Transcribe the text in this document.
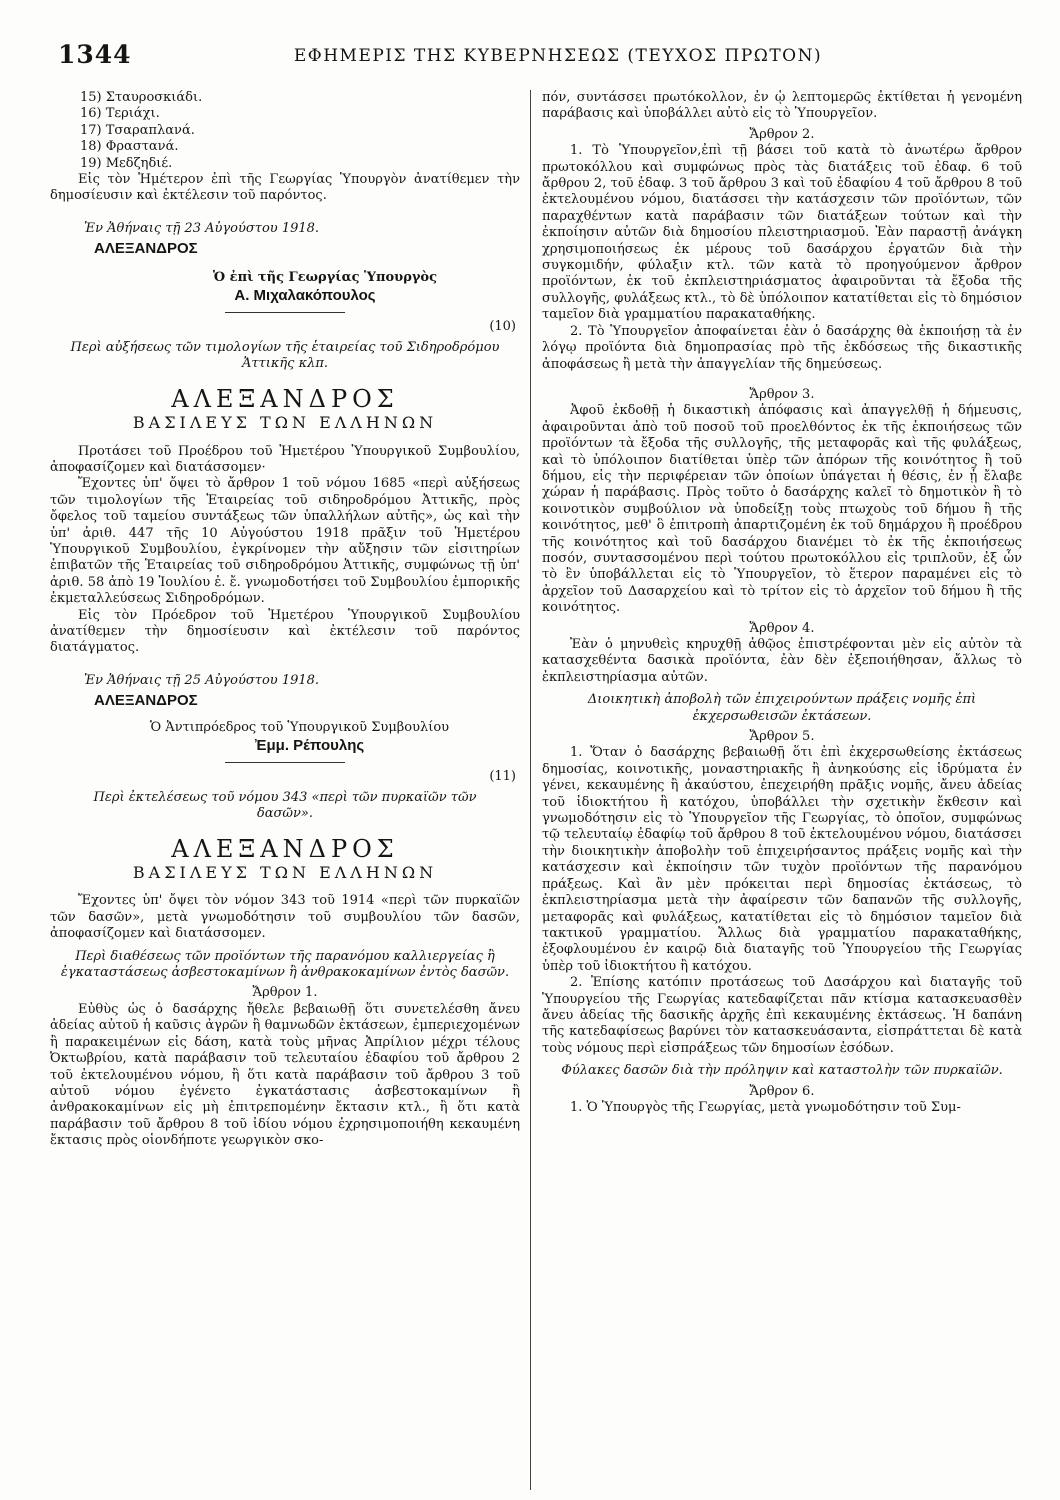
1344	ΕΦΗΜΕΡΙΣ ΤΗΣ ΚΥΒΕΡΝΗΣΕΩΣ (ΤΕΥΧΟΣ ΠΡΩΤΟΝ)

15) Σταυροσκιάδι.

16) Τεριάχι.

17) Τσαραπλανά.

18) Φραστανά.

19) Μεδζηδιέ.

Εἰς τὸν Ἡμέτερον ἐπὶ τῆς Γεωργίας Ὑπουργὸν ἀνατίθεμεν τὴν δημοσίευσιν καὶ ἐκτέλεσιν τοῦ παρόντος.

Ἐν Ἀθήναις τῇ 23 Αὐγούστου 1918.

ΑΛΕΞΑΝΔΡΟΣ

Ὁ ἐπὶ τῆς Γεωργίας Ὑπουργὸς

Α. Μιχαλακόπουλος

(10)

Περὶ αὐξήσεως τῶν τιμολογίων τῆς ἑταιρείας τοῦ Σιδηροδρόμου Ἀττικῆς κλπ.

ΑΛΕΞΑΝΔΡΟΣ

ΒΑΣΙΛΕΥΣ ΤΩΝ ΕΛΛΗΝΩΝ

Προτάσει τοῦ Προέδρου τοῦ Ἡμετέρου Ὑπουργικοῦ Συμβουλίου, ἀποφασίζομεν καὶ διατάσσομεν·

Ἔχοντες ὑπ' ὄψει τὸ ἄρθρον 1 τοῦ νόμου 1685 «περὶ αὐξήσεως τῶν τιμολογίων τῆς Ἑταιρείας τοῦ σιδηροδρόμου Ἀττικῆς, πρὸς ὄφελος τοῦ ταμείου συντάξεως τῶν ὑπαλλήλων αὐτῆς», ὡς καὶ τὴν ὑπ' ἀριθ. 447 τῆς 10 Αὐγούστου 1918 πρᾶξιν τοῦ Ἡμετέρου Ὑπουργικοῦ Συμβουλίου, ἐγκρίνομεν τὴν αὔξησιν τῶν εἰσιτηρίων ἐπιβατῶν τῆς Ἑταιρείας τοῦ σιδηροδρόμου Ἀττικῆς, συμφώνως τῇ ὑπ' ἀριθ. 58 ἀπὸ 19 Ἰουλίου ἐ. ἔ. γνωμοδοτήσει τοῦ Συμβουλίου ἐμπορικῆς ἐκμεταλλεύσεως Σιδηροδρόμων.

Εἰς τὸν Πρόεδρον τοῦ Ἡμετέρου Ὑπουργικοῦ Συμβουλίου ἀνατίθεμεν τὴν δημοσίευσιν καὶ ἐκτέλεσιν τοῦ παρόντος διατάγματος.

Ἐν Ἀθήναις τῇ 25 Αὐγούστου 1918.

ΑΛΕΞΑΝΔΡΟΣ

Ὁ Ἀντιπρόεδρος τοῦ Ὑπουργικοῦ Συμβουλίου

Ἐμμ. Ρέπουλης

(11)

Περὶ ἐκτελέσεως τοῦ νόμου 343 «περὶ τῶν πυρκαϊῶν τῶν δασῶν».

ΑΛΕΞΑΝΔΡΟΣ

ΒΑΣΙΛΕΥΣ ΤΩΝ ΕΛΛΗΝΩΝ

Ἔχοντες ὑπ' ὄψει τὸν νόμον 343 τοῦ 1914 «περὶ τῶν πυρκαϊῶν τῶν δασῶν», μετὰ γνωμοδότησιν τοῦ συμβουλίου τῶν δασῶν, ἀποφασίζομεν καὶ διατάσσομεν.

Περὶ διαθέσεως τῶν προϊόντων τῆς παρανόμου καλλιεργείας ἢ ἐγκαταστάσεως ἀσβεστοκαμίνων ἢ ἀνθρακοκαμίνων ἐντὸς δασῶν.

Ἄρθρον 1.

Εὐθὺς ὡς ὁ δασάρχης ἤθελε βεβαιωθῇ ὅτι συνετελέσθη ἄνευ ἀδείας αὐτοῦ ἡ καῦσις ἀγρῶν ἢ θαμνωδῶν ἐκτάσεων, ἐμπεριεχομένων ἢ παρακειμένων εἰς δάση, κατὰ τοὺς μῆνας Ἀπρίλιον μέχρι τέλους Ὀκτωβρίου, κατὰ παράβασιν τοῦ τελευταίου ἐδαφίου τοῦ ἄρθρου 2 τοῦ ἐκτελουμένου νόμου, ἢ ὅτι κατὰ παράβασιν τοῦ ἄρθρου 3 τοῦ αὐτοῦ νόμου ἐγένετο ἐγκατάστασις ἀσβεστοκαμίνων ἢ ἀνθρακοκαμίνων εἰς μὴ ἐπιτρεπομένην ἔκτασιν κτλ., ἢ ὅτι κατὰ παράβασιν τοῦ ἄρθρου 8 τοῦ ἰδίου νόμου ἐχρησιμοποιήθη κεκαυμένη ἔκτασις πρὸς οἱονδήποτε γεωργικὸν σκο-

πόν, συντάσσει πρωτόκολλον, ἐν ᾧ λεπτομερῶς ἐκτίθεται ἡ γενομένη παράβασις καὶ ὑποβάλλει αὐτὸ εἰς τὸ Ὑπουργεῖον.

Ἄρθρον 2.

1. Τὸ Ὑπουργεῖον,ἐπὶ τῇ βάσει τοῦ κατὰ τὸ ἀνωτέρω ἄρθρον πρωτοκόλλου καὶ συμφώνως πρὸς τὰς διατάξεις τοῦ ἐδαφ. 6 τοῦ ἄρθρου 2, τοῦ ἐδαφ. 3 τοῦ ἄρθρου 3 καὶ τοῦ ἐδαφίου 4 τοῦ ἄρθρου 8 τοῦ ἐκτελουμένου νόμου, διατάσσει τὴν κατάσχεσιν τῶν προϊόντων, τῶν παραχθέντων κατὰ παράβασιν τῶν διατάξεων τούτων καὶ τὴν ἐκποίησιν αὐτῶν διὰ δημοσίου πλειστηριασμοῦ. Ἐὰν παραστῇ ἀνάγκη χρησιμοποιήσεως ἐκ μέρους τοῦ δασάρχου ἐργατῶν διὰ τὴν συγκομιδήν, φύλαξιν κτλ. τῶν κατὰ τὸ προηγούμενον ἄρθρον προϊόντων, ἐκ τοῦ ἐκπλειστηριάσματος ἀφαιροῦνται τὰ ἔξοδα τῆς συλλογῆς, φυλάξεως κτλ., τὸ δὲ ὑπόλοιπον κατατίθεται εἰς τὸ δημόσιον ταμεῖον διὰ γραμματίου παρακαταθήκης.

2. Τὸ Ὑπουργεῖον ἀποφαίνεται ἐὰν ὁ δασάρχης θὰ ἐκποιήσῃ τὰ ἐν λόγῳ προϊόντα διὰ δημοπρασίας πρὸ τῆς ἐκδόσεως τῆς δικαστικῆς ἀποφάσεως ἢ μετὰ τὴν ἀπαγγελίαν τῆς δημεύσεως.

Ἄρθρον 3.

Ἀφοῦ ἐκδοθῇ ἡ δικαστικὴ ἀπόφασις καὶ ἀπαγγελθῇ ἡ δήμευσις, ἀφαιροῦνται ἀπὸ τοῦ ποσοῦ τοῦ προελθόντος ἐκ τῆς ἐκποιήσεως τῶν προϊόντων τὰ ἔξοδα τῆς συλλογῆς, τῆς μεταφορᾶς καὶ τῆς φυλάξεως, καὶ τὸ ὑπόλοιπον διατίθεται ὑπὲρ τῶν ἀπόρων τῆς κοινότητος ἢ τοῦ δήμου, εἰς τὴν περιφέρειαν τῶν ὁποίων ὑπάγεται ἡ θέσις, ἐν ᾗ ἔλαβε χώραν ἡ παράβασις. Πρὸς τοῦτο ὁ δασάρχης καλεῖ τὸ δημοτικὸν ἢ τὸ κοινοτικὸν συμβούλιον νὰ ὑποδείξῃ τοὺς πτωχοὺς τοῦ δήμου ἢ τῆς κοινότητος, μεθ' ὃ ἐπιτροπὴ ἀπαρτιζομένη ἐκ τοῦ δημάρχου ἢ προέδρου τῆς κοινότητος καὶ τοῦ δασάρχου διανέμει τὸ ἐκ τῆς ἐκποιήσεως ποσόν, συντασσομένου περὶ τούτου πρωτοκόλλου εἰς τριπλοῦν, ἐξ ὧν τὸ ἓν ὑποβάλλεται εἰς τὸ Ὑπουργεῖον, τὸ ἕτερον παραμένει εἰς τὸ ἀρχεῖον τοῦ Δασαρχείου καὶ τὸ τρίτον εἰς τὸ ἀρχεῖον τοῦ δήμου ἢ τῆς κοινότητος.

Ἄρθρον 4.

Ἐὰν ὁ μηνυθεὶς κηρυχθῇ ἀθῷος ἐπιστρέφονται μὲν εἰς αὐτὸν τὰ κατασχεθέντα δασικὰ προϊόντα, ἐὰν δὲν ἐξεποιήθησαν, ἄλλως τὸ ἐκπλειστηρίασμα αὐτῶν.

Διοικητικὴ ἀποβολὴ τῶν ἐπιχειρούντων πράξεις νομῆς ἐπὶ ἐκχερσωθεισῶν ἐκτάσεων.

Ἄρθρον 5.

1. Ὅταν ὁ δασάρχης βεβαιωθῇ ὅτι ἐπὶ ἐκχερσωθείσης ἐκτάσεως δημοσίας, κοινοτικῆς, μοναστηριακῆς ἢ ἀνηκούσης εἰς ἱδρύματα ἐν γένει, κεκαυμένης ἢ ἀκαύστου, ἐπεχειρήθη πρᾶξις νομῆς, ἄνευ ἀδείας τοῦ ἰδιοκτήτου ἢ κατόχου, ὑποβάλλει τὴν σχετικὴν ἔκθεσιν καὶ γνωμοδότησιν εἰς τὸ Ὑπουργεῖον τῆς Γεωργίας, τὸ ὁποῖον, συμφώνως τῷ τελευταίῳ ἐδαφίῳ τοῦ ἄρθρου 8 τοῦ ἐκτελουμένου νόμου, διατάσσει τὴν διοικητικὴν ἀποβολὴν τοῦ ἐπιχειρήσαντος πράξεις νομῆς καὶ τὴν κατάσχεσιν καὶ ἐκποίησιν τῶν τυχὸν προϊόντων τῆς παρανόμου πράξεως. Καὶ ἂν μὲν πρόκειται περὶ δημοσίας ἐκτάσεως, τὸ ἐκπλειστηρίασμα μετὰ τὴν ἀφαίρεσιν τῶν δαπανῶν τῆς συλλογῆς, μεταφορᾶς καὶ φυλάξεως, κατατίθεται εἰς τὸ δημόσιον ταμεῖον διὰ τακτικοῦ γραμματίου. Ἄλλως διὰ γραμματίου παρακαταθήκης, ἐξοφλουμένου ἐν καιρῷ διὰ διαταγῆς τοῦ Ὑπουργείου τῆς Γεωργίας ὑπὲρ τοῦ ἰδιοκτήτου ἢ κατόχου.

2. Ἐπίσης κατόπιν προτάσεως τοῦ Δασάρχου καὶ διαταγῆς τοῦ Ὑπουργείου τῆς Γεωργίας κατεδαφίζεται πᾶν κτίσμα κατασκευασθὲν ἄνευ ἀδείας τῆς δασικῆς ἀρχῆς ἐπὶ κεκαυμένης ἐκτάσεως. Ἡ δαπάνη τῆς κατεδαφίσεως βαρύνει τὸν κατασκευάσαντα, εἰσπράττεται δὲ κατὰ τοὺς νόμους περὶ εἰσπράξεως τῶν δημοσίων ἐσόδων.

Φύλακες δασῶν διὰ τὴν πρόληψιν καὶ καταστολὴν τῶν πυρκαϊῶν.

Ἄρθρον 6.

1. Ὁ Ὑπουργὸς τῆς Γεωργίας, μετὰ γνωμοδότησιν τοῦ Συμ-
